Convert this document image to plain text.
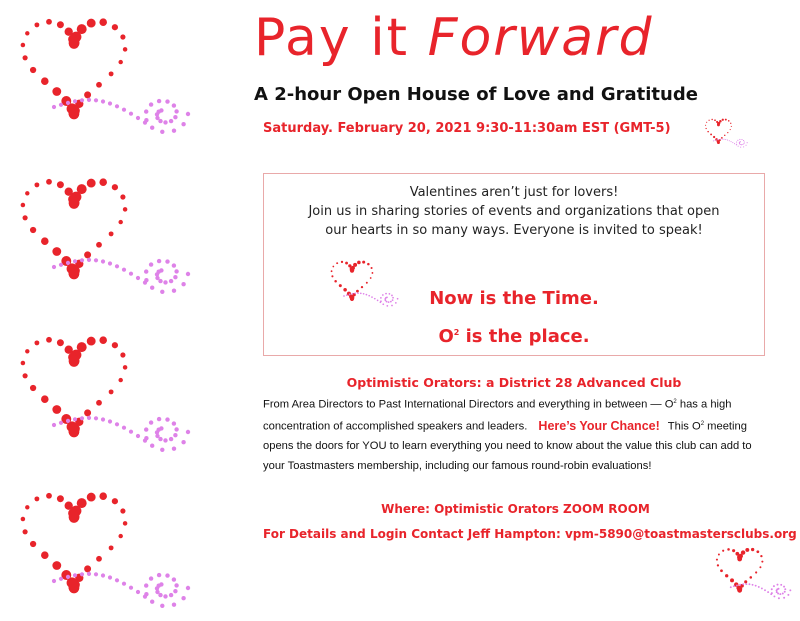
Pay it Forward
A 2-hour Open House of Love and Gratitude
Saturday. February 20, 2021 9:30-11:30am EST (GMT-5)
Valentines aren’t just for lovers!
Join us in sharing stories of events and organizations that open
our hearts in so many ways. Everyone is invited to speak!
Now is the Time.
$O^2$ is the place.
Optimistic Orators: a District 28 Advanced Club

From Area Directors to Past International Directors and everything in between — $O^2$ has a high concentration of accomplished speakers and leaders. Here’s Your Chance! This $O^2$ meeting opens the doors for YOU to learn everything you need to know about the value this club can add to your Toastmasters membership, including our famous round-robin evaluations!

Where: Optimistic Orators ZOOM ROOM
For Details and Login Contact Jeff Hampton: vpm-5890@toastmastersclubs.org
